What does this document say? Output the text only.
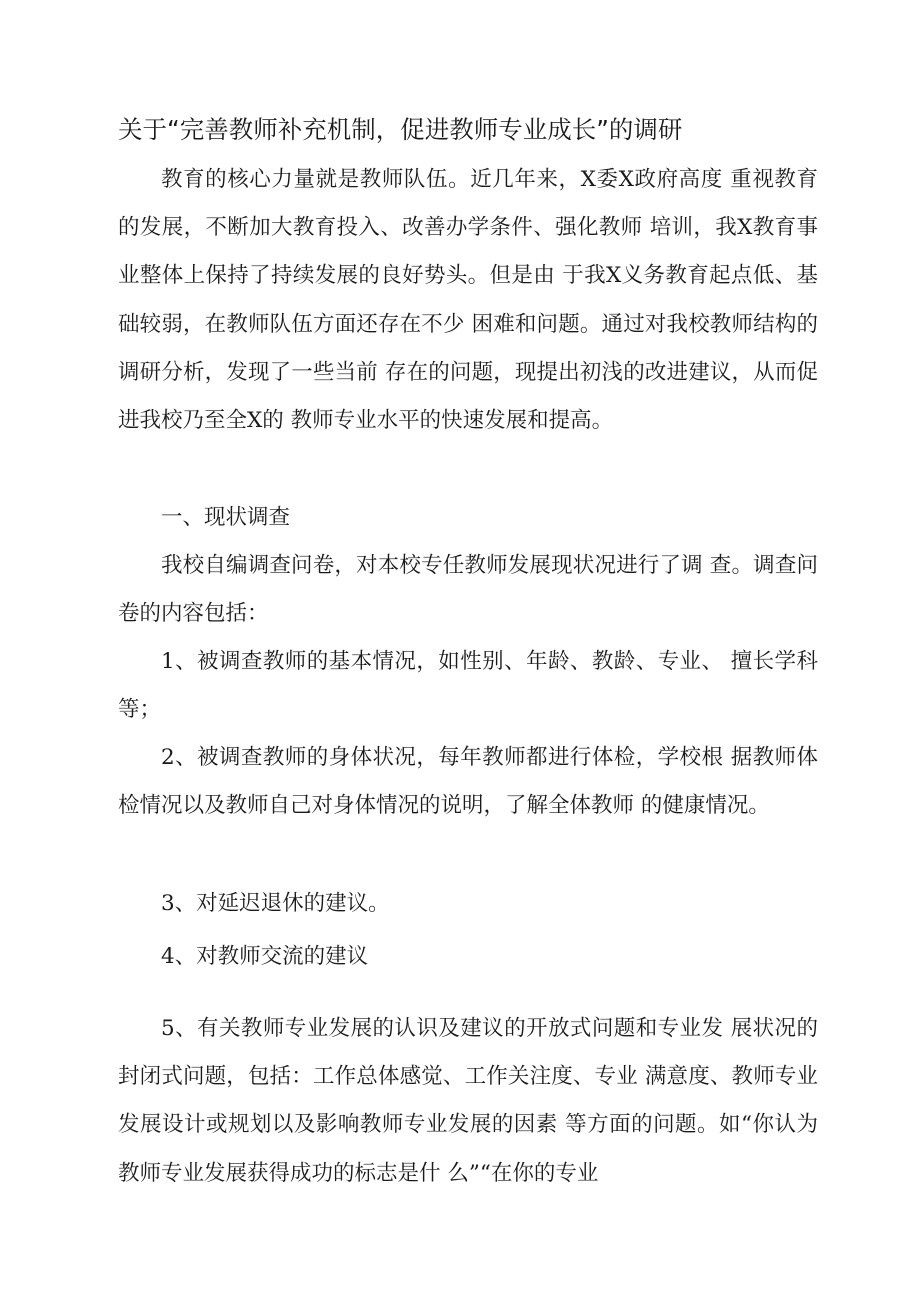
关于“完善教师补充机制，促进教师专业成长”的调研

教育的核心力量就是教师队伍。近几年来，X委X政府高度 重视教育的发展，不断加大教育投入、改善办学条件、强化教师 培训，我X教育事业整体上保持了持续发展的良好势头。但是由 于我X义务教育起点低、基础较弱，在教师队伍方面还存在不少 困难和问题。通过对我校教师结构的调研分析，发现了一些当前 存在的问题，现提出初浅的改进建议，从而促进我校乃至全X的 教师专业水平的快速发展和提高。

一、现状调查

我校自编调查问卷，对本校专任教师发展现状况进行了调 查。调查问卷的内容包括：

1、被调查教师的基本情况，如性别、年龄、教龄、专业、 擅长学科等；

2、被调查教师的身体状况，每年教师都进行体检，学校根 据教师体检情况以及教师自己对身体情况的说明，了解全体教师 的健康情况。

3、对延迟退休的建议。

4、对教师交流的建议

5、有关教师专业发展的认识及建议的开放式问题和专业发 展状况的封闭式问题，包括：工作总体感觉、工作关注度、专业 满意度、教师专业发展设计或规划以及影响教师专业发展的因素 等方面的问题。如“你认为教师专业发展获得成功的标志是什 么”“在你的专业
